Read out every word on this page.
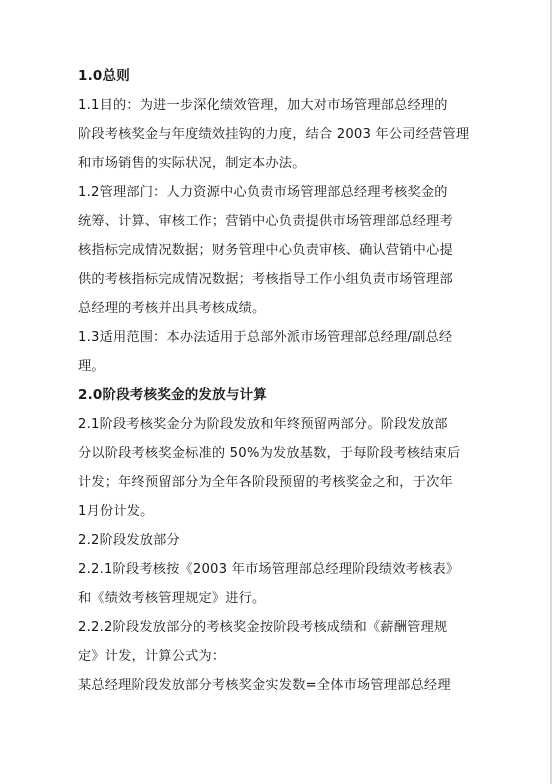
1.0总则
1.1目的：为进一步深化绩效管理，加大对市场管理部总经理的
阶段考核奖金与年度绩效挂钩的力度，结合 2003 年公司经营管理
和市场销售的实际状况，制定本办法。
1.2管理部门：人力资源中心负责市场管理部总经理考核奖金的
统筹、计算、审核工作；营销中心负责提供市场管理部总经理考
核指标完成情况数据；财务管理中心负责审核、确认营销中心提
供的考核指标完成情况数据；考核指导工作小组负责市场管理部
总经理的考核并出具考核成绩。
1.3适用范围：本办法适用于总部外派市场管理部总经理/副总经
理。
2.0阶段考核奖金的发放与计算
2.1阶段考核奖金分为阶段发放和年终预留两部分。阶段发放部
分以阶段考核奖金标准的 50%为发放基数，于每阶段考核结束后
计发；年终预留部分为全年各阶段预留的考核奖金之和，于次年
1月份计发。
2.2阶段发放部分
2.2.1阶段考核按《2003 年市场管理部总经理阶段绩效考核表》
和《绩效考核管理规定》进行。
2.2.2阶段发放部分的考核奖金按阶段考核成绩和《薪酬管理规
定》计发，计算公式为：
某总经理阶段发放部分考核奖金实发数=全体市场管理部总经理
